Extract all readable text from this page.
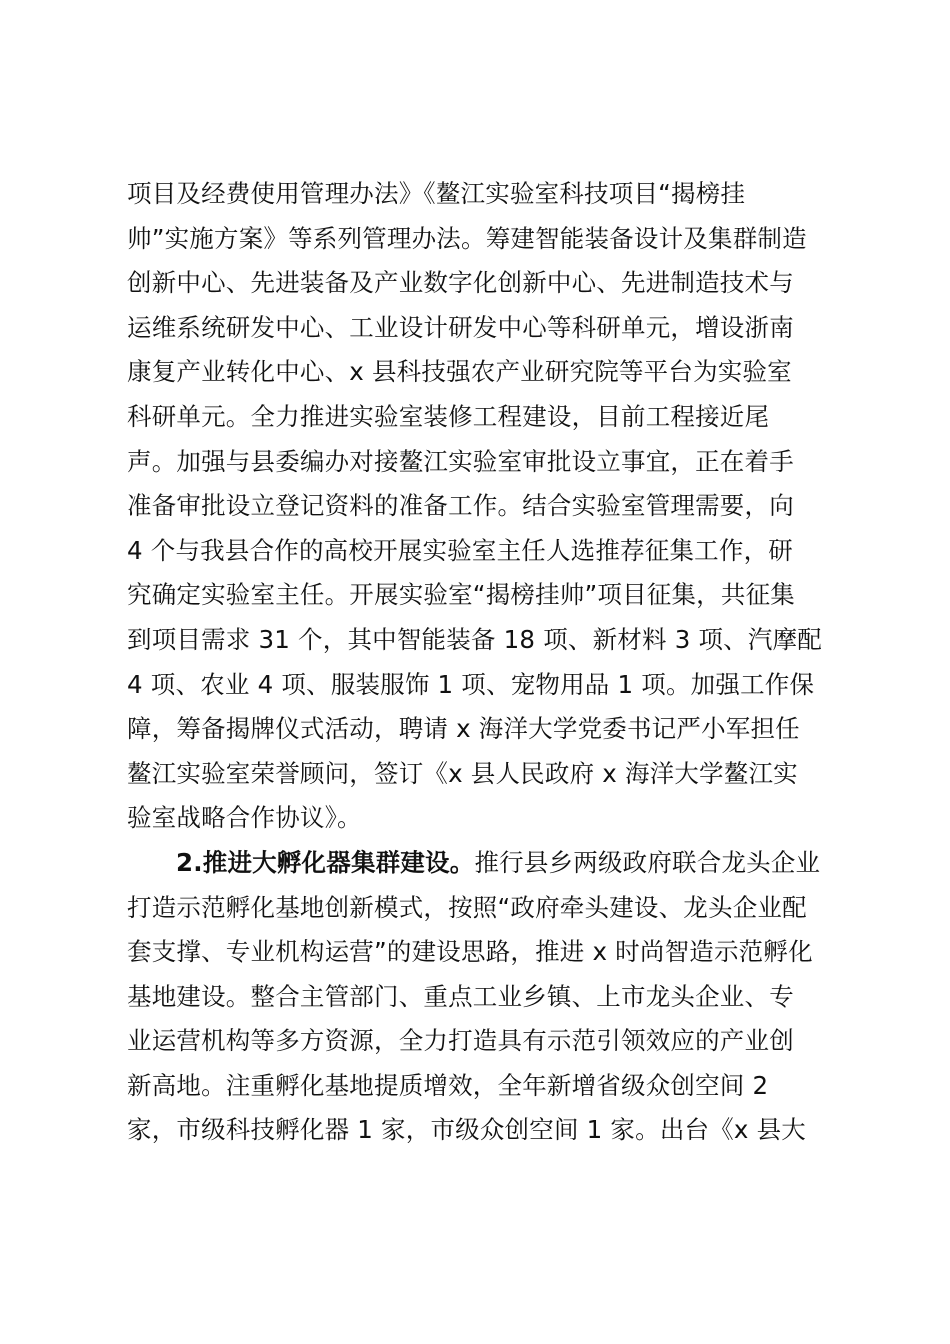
项目及经费使用管理办法》《鳌江实验室科技项目“揭榜挂
帅”实施方案》等系列管理办法。筹建智能装备设计及集群制造
创新中心、先进装备及产业数字化创新中心、先进制造技术与
运维系统研发中心、工业设计研发中心等科研单元，增设浙南
康复产业转化中心、x 县科技强农产业研究院等平台为实验室
科研单元。全力推进实验室装修工程建设，目前工程接近尾
声。加强与县委编办对接鳌江实验室审批设立事宜，正在着手
准备审批设立登记资料的准备工作。结合实验室管理需要，向
4 个与我县合作的高校开展实验室主任人选推荐征集工作，研
究确定实验室主任。开展实验室“揭榜挂帅”项目征集，共征集
到项目需求 31 个，其中智能装备 18 项、新材料 3 项、汽摩配
4 项、农业 4 项、服装服饰 1 项、宠物用品 1 项。加强工作保
障，筹备揭牌仪式活动，聘请 x 海洋大学党委书记严小军担任
鳌江实验室荣誉顾问，签订《x 县人民政府 x 海洋大学鳌江实
验室战略合作协议》。
2.推进大孵化器集群建设。推行县乡两级政府联合龙头企业
打造示范孵化基地创新模式，按照“政府牵头建设、龙头企业配
套支撑、专业机构运营”的建设思路，推进 x 时尚智造示范孵化
基地建设。整合主管部门、重点工业乡镇、上市龙头企业、专
业运营机构等多方资源，全力打造具有示范引领效应的产业创
新高地。注重孵化基地提质增效，全年新增省级众创空间 2
家，市级科技孵化器 1 家，市级众创空间 1 家。出台《x 县大
